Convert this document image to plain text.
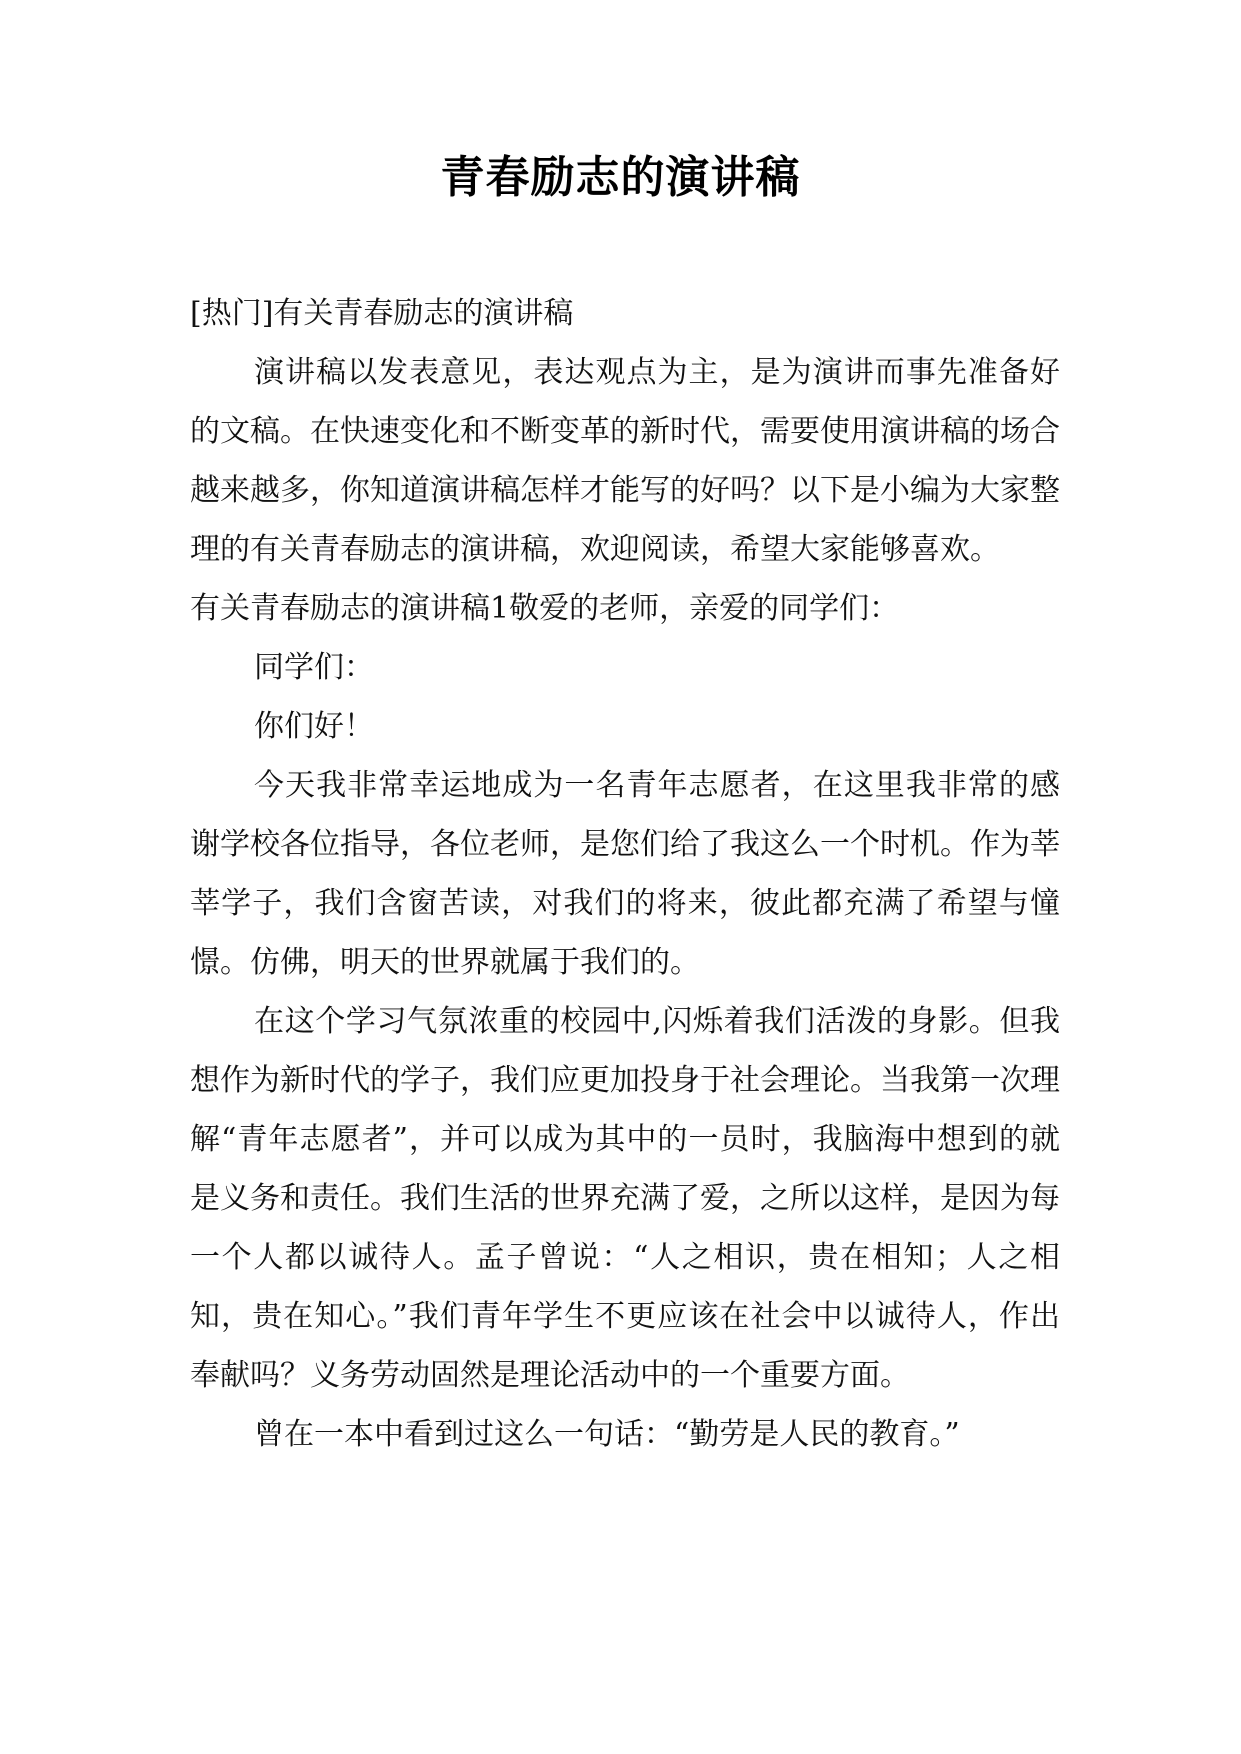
青春励志的演讲稿

[热门]有关青春励志的演讲稿

演讲稿以发表意见，表达观点为主，是为演讲而事先准备好的文稿。在快速变化和不断变革的新时代，需要使用演讲稿的场合越来越多，你知道演讲稿怎样才能写的好吗？以下是小编为大家整理的有关青春励志的演讲稿，欢迎阅读，希望大家能够喜欢。

有关青春励志的演讲稿1敬爱的老师，亲爱的同学们：

同学们：

你们好！

今天我非常幸运地成为一名青年志愿者，在这里我非常的感谢学校各位指导，各位老师，是您们给了我这么一个时机。作为莘莘学子，我们含窗苦读，对我们的将来，彼此都充满了希望与憧憬。仿佛，明天的世界就属于我们的。

在这个学习气氛浓重的校园中,闪烁着我们活泼的身影。但我想作为新时代的学子，我们应更加投身于社会理论。当我第一次理解“青年志愿者”，并可以成为其中的一员时，我脑海中想到的就是义务和责任。我们生活的世界充满了爱，之所以这样，是因为每一个人都以诚待人。孟子曾说：“人之相识，贵在相知；人之相知，贵在知心。”我们青年学生不更应该在社会中以诚待人，作出奉献吗？义务劳动固然是理论活动中的一个重要方面。

曾在一本中看到过这么一句话：“勤劳是人民的教育。”
